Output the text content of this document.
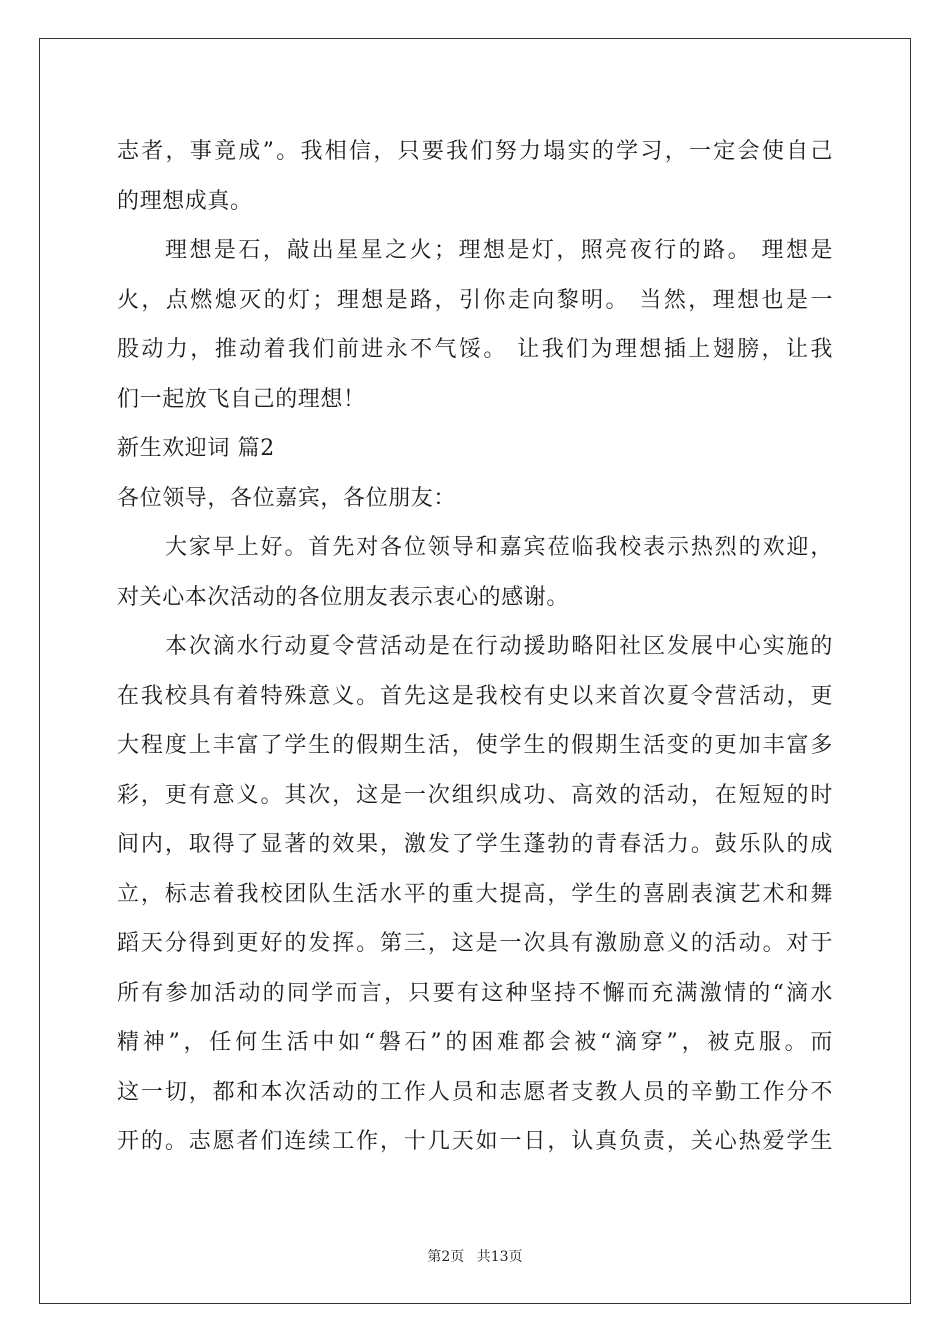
志者，事竟成”。我相信，只要我们努力塌实的学习，一定会使自己
的理想成真。
理想是石，敲出星星之火；理想是灯，照亮夜行的路。 理想是
火，点燃熄灭的灯；理想是路，引你走向黎明。 当然，理想也是一
股动力，推动着我们前进永不气馁。 让我们为理想插上翅膀，让我
们一起放飞自己的理想！
新生欢迎词 篇2
各位领导，各位嘉宾，各位朋友：
大家早上好。首先对各位领导和嘉宾莅临我校表示热烈的欢迎，
对关心本次活动的各位朋友表示衷心的感谢。
本次滴水行动夏令营活动是在行动援助略阳社区发展中心实施的
在我校具有着特殊意义。首先这是我校有史以来首次夏令营活动，更
大程度上丰富了学生的假期生活，使学生的假期生活变的更加丰富多
彩，更有意义。其次，这是一次组织成功、高效的活动，在短短的时
间内，取得了显著的效果，激发了学生蓬勃的青春活力。鼓乐队的成
立，标志着我校团队生活水平的重大提高，学生的喜剧表演艺术和舞
蹈天分得到更好的发挥。第三，这是一次具有激励意义的活动。对于
所有参加活动的同学而言，只要有这种坚持不懈而充满激情的“滴水
精神”，任何生活中如“磐石”的困难都会被“滴穿”，被克服。而
这一切，都和本次活动的工作人员和志愿者支教人员的辛勤工作分不
开的。志愿者们连续工作，十几天如一日，认真负责，关心热爱学生
第2页 共13页
